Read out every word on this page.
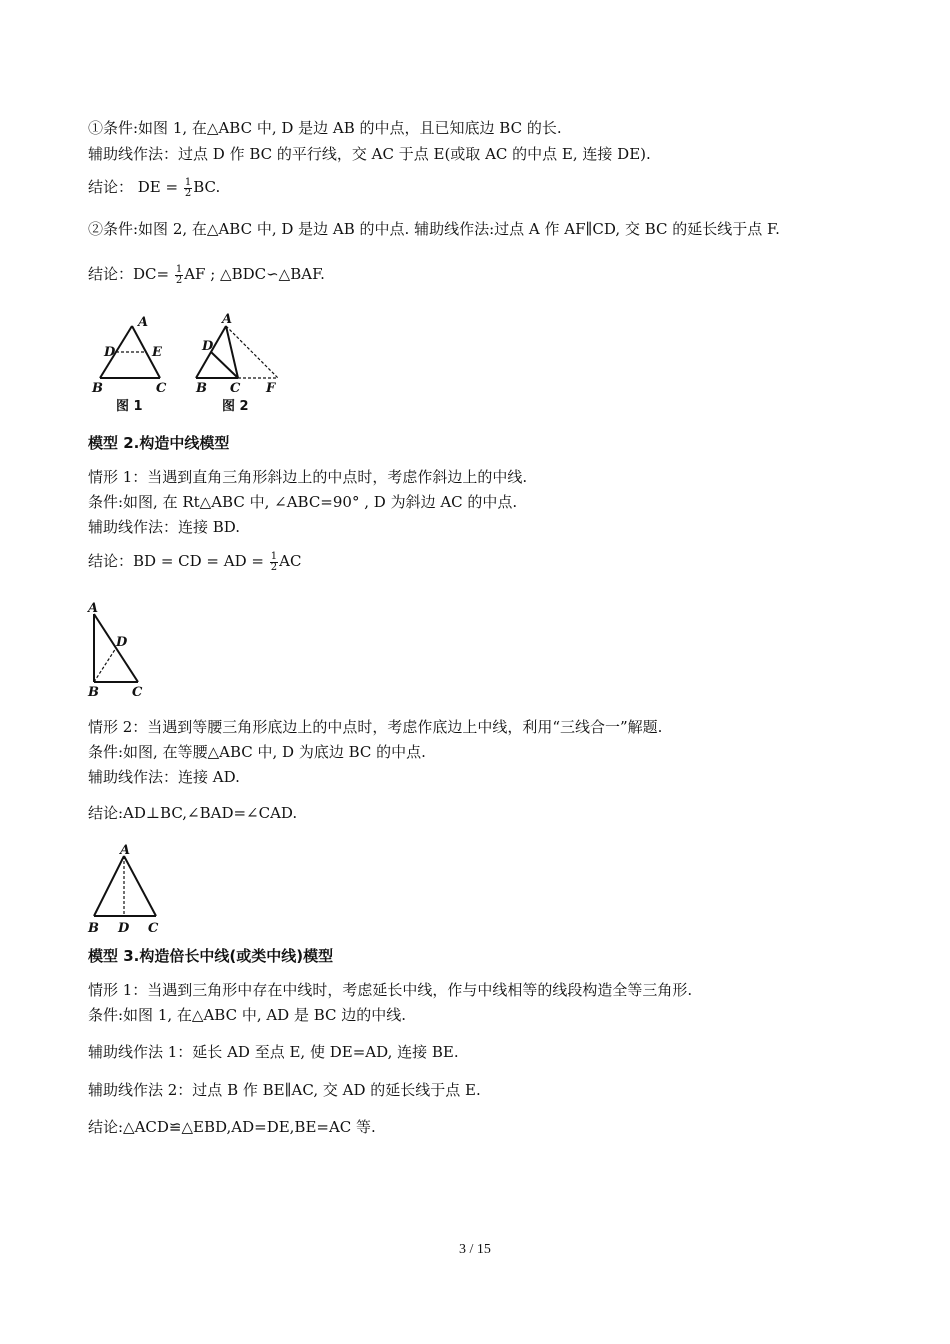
①条件:如图 1, 在△ABC 中, D 是边 AB 的中点，且已知底边 BC 的长.
辅助线作法：过点 D 作 BC 的平行线，交 AC 于点 E(或取 AC 的中点 E, 连接 DE).
结论： DE = $\frac{1}{2}$ BC.
②条件:如图 2, 在△ABC 中, D 是边 AB 的中点. 辅助线作法:过点 A 作 AF∥CD, 交 BC 的延长线于点 F.
结论：$DC= \frac{1}{2}$ AF ; △BDC∽△BAF.
A
D	E
B	C
图 1
A
D
B C F
图 2
模型 2.构造中线模型
情形 1：当遇到直角三角形斜边上的中点时，考虑作斜边上的中线.
条件:如图, 在 Rt△ABC 中, ∠ABC=90° , D 为斜边 AC 的中点.
辅助线作法：连接 BD.
结论：BD = CD = AD = $\frac{1}{2}$ AC
A
D
B	C
情形 2：当遇到等腰三角形底边上的中点时，考虑作底边上中线，利用“三线合一”解题.
条件:如图, 在等腰△ABC 中, D 为底边 BC 的中点.
辅助线作法：连接 AD.
结论:AD⊥BC,∠BAD=∠CAD.
A
B D C
模型 3.构造倍长中线(或类中线)模型
情形 1：当遇到三角形中存在中线时，考虑延长中线，作与中线相等的线段构造全等三角形.
条件:如图 1, 在△ABC 中, AD 是 BC 边的中线.
辅助线作法 1：延长 AD 至点 E, 使 DE=AD, 连接 BE.
辅助线作法 2：过点 B 作 BE∥AC, 交 AD 的延长线于点 E.
结论:△ACD≌△EBD,AD=DE,BE=AC 等.
3 / 15
